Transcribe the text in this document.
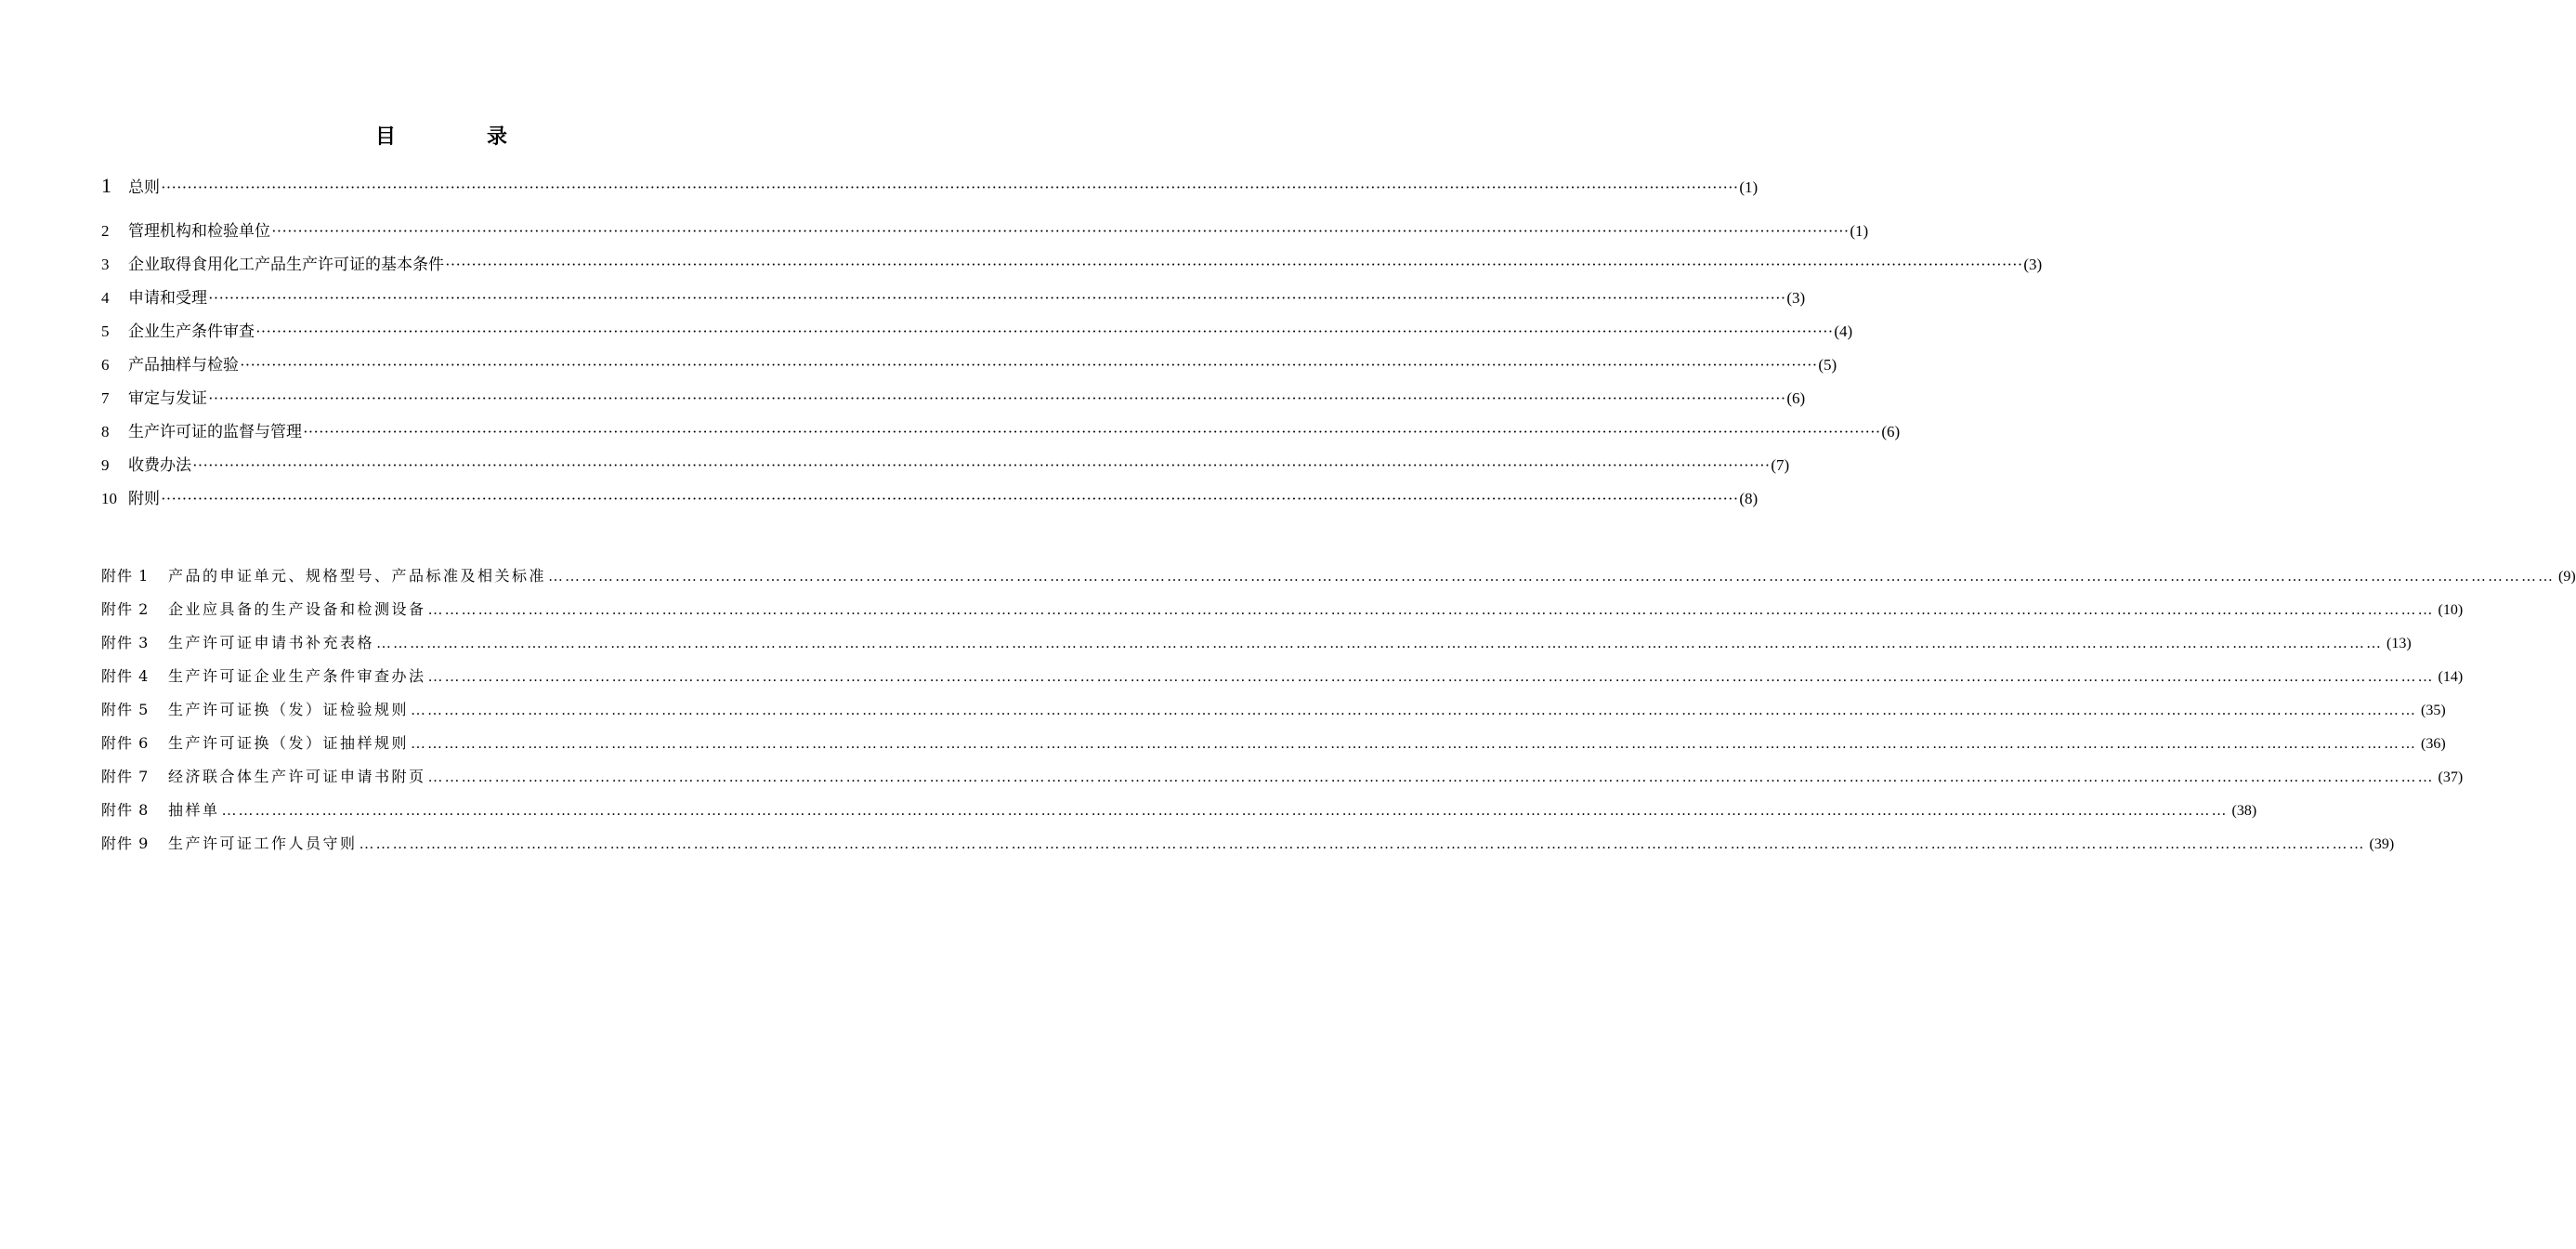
目　录
1	总则 ············································································································································································································································································································ (1)
2	管理机构和检验单位 ············································································································································································································································································································ (1)
3	企业取得食用化工产品生产许可证的基本条件 ············································································································································································································································································································ (3)
4	申请和受理 ············································································································································································································································································································ (3)
5	企业生产条件审查 ············································································································································································································································································································ (4)
6	产品抽样与检验 ············································································································································································································································································································ (5)
7	审定与发证 ············································································································································································································································································································ (6)
8	生产许可证的监督与管理 ············································································································································································································································································································ (6)
9	收费办法 ············································································································································································································································································································ (7)
10 附则 ············································································································································································································································································································ (8)
附件 1	产品的申证单元、规格型号、产品标准及相关标准 ……………………………………………………………………………………………………………………………………………………………………………………………………………………………………………………………………………………………………………………………… (9)
附件 2	企业应具备的生产设备和检测设备 ……………………………………………………………………………………………………………………………………………………………………………………………………………………………………………………………………………………………………………………………… (10)
附件 3	生产许可证申请书补充表格 ……………………………………………………………………………………………………………………………………………………………………………………………………………………………………………………………………………………………………………………………… (13)
附件 4	生产许可证企业生产条件审查办法 ……………………………………………………………………………………………………………………………………………………………………………………………………………………………………………………………………………………………………………………………… (14)
附件 5	生产许可证换（发）证检验规则 ……………………………………………………………………………………………………………………………………………………………………………………………………………………………………………………………………………………………………………………………… (35)
附件 6	生产许可证换（发）证抽样规则 ……………………………………………………………………………………………………………………………………………………………………………………………………………………………………………………………………………………………………………………………… (36)
附件 7	经济联合体生产许可证申请书附页 ……………………………………………………………………………………………………………………………………………………………………………………………………………………………………………………………………………………………………………………………… (37)
附件 8	抽样单 ……………………………………………………………………………………………………………………………………………………………………………………………………………………………………………………………………………………………………………………………… (38)
附件 9	生产许可证工作人员守则 ……………………………………………………………………………………………………………………………………………………………………………………………………………………………………………………………………………………………………………………………… (39)
